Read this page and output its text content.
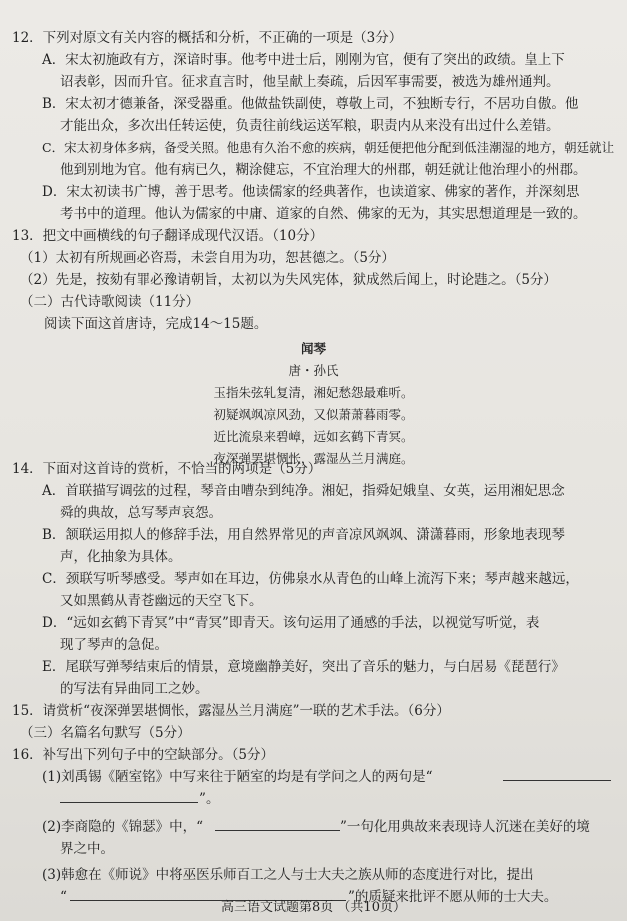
12．下列对原文有关内容的概括和分析，不正确的一项是（3分）
A．宋太初施政有方，深谙时事。他考中进士后，刚刚为官，便有了突出的政绩。皇上下
诏表彰，因而升官。征求直言时，他呈献上奏疏，后因军事需要，被选为雄州通判。
B．宋太初才德兼备，深受器重。他做盐铁副使，尊敬上司，不独断专行，不居功自傲。他
才能出众，多次出任转运使，负责往前线运送军粮，职责内从来没有出过什么差错。
C．宋太初身体多病，备受关照。他患有久治不愈的疾病，朝廷便把他分配到低洼潮湿的地方，朝廷就让
他到别地为官。他有病已久，糊涂健忘，不宜治理大的州郡，朝廷就让他治理小的州郡。
D．宋太初读书广博，善于思考。他读儒家的经典著作，也读道家、佛家的著作，并深刻思
考书中的道理。他认为儒家的中庸、道家的自然、佛家的无为，其实思想道理是一致的。
13．把文中画横线的句子翻译成现代汉语。（10分）
（1）太初有所规画必咨焉，未尝自用为功，恕甚德之。（5分）
（2）先是，按劾有罪必豫请朝旨，太初以为失风宪体，狱成然后闻上，时论韪之。（5分）
（二）古代诗歌阅读（11分）
阅读下面这首唐诗，完成14～15题。
闻琴
唐・孙氏
玉指朱弦轧复清，湘妃愁怨最难听。
初疑飒飒凉风劲，又似萧萧暮雨零。
近比流泉来碧嶂，远如玄鹤下青冥。
夜深弹罢堪惆怅，露湿丛兰月满庭。
14．下面对这首诗的赏析，不恰当的两项是（5分）
A．首联描写调弦的过程，琴音由嘈杂到纯净。湘妃，指舜妃娥皇、女英，运用湘妃思念
舜的典故，总写琴声哀怨。
B．颔联运用拟人的修辞手法，用自然界常见的声音凉风飒飒、潇潇暮雨，形象地表现琴
声，化抽象为具体。
C．颈联写听琴感受。琴声如在耳边，仿佛泉水从青色的山峰上流泻下来；琴声越来越远，
又如黑鹤从青苍幽远的天空飞下。
D．“远如玄鹤下青冥”中“青冥”即青天。该句运用了通感的手法，以视觉写听觉，表
现了琴声的急促。
E．尾联写弹琴结束后的情景，意境幽静美好，突出了音乐的魅力，与白居易《琵琶行》
的写法有异曲同工之妙。
15．请赏析“夜深弹罢堪惆怅，露湿丛兰月满庭”一联的艺术手法。（6分）
（三）名篇名句默写（5分）
16．补写出下列句子中的空缺部分。（5分）
(1)刘禹锡《陋室铭》中写来往于陋室的均是有学问之人的两句是“
” 。
(2)李商隐的《锦瑟》中，“	”一句化用典故来表现诗人沉迷在美好的境
界之中。
(3)韩愈在《师说》中将巫医乐师百工之人与士大夫之族从师的态度进行对比，提出
“	”的质疑来批评不愿从师的士大夫。
高三语文试题第8页 （共10页）
